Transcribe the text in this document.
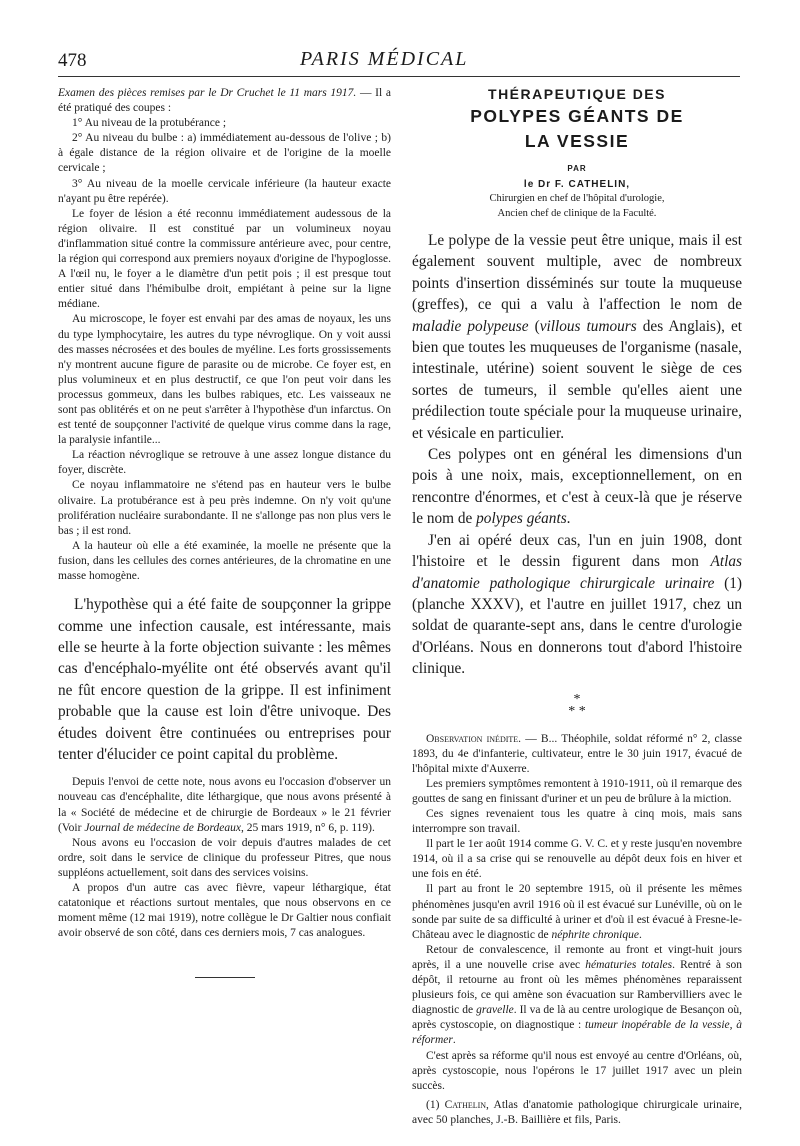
478	PARIS MÉDICAL

Examen des pièces remises par le Dr Cruchet le 11 mars 1917. — Il a été pratiqué des coupes :

1° Au niveau de la protubérance ;

2° Au niveau du bulbe : a) immédiatement au-dessous de l'olive ; b) à égale distance de la région olivaire et de l'origine de la moelle cervicale ;

3° Au niveau de la moelle cervicale inférieure (la hauteur exacte n'ayant pu être repérée).

Le foyer de lésion a été reconnu immédiatement audessous de la région olivaire. Il est constitué par un volumineux noyau d'inflammation situé contre la commissure antérieure avec, pour centre, la région qui correspond aux premiers noyaux d'origine de l'hypoglosse. A l'œil nu, le foyer a le diamètre d'un petit pois ; il est presque tout entier situé dans l'hémibulbe droit, empiétant à peine sur la ligne médiane.

Au microscope, le foyer est envahi par des amas de noyaux, les uns du type lymphocytaire, les autres du type névroglique. On y voit aussi des masses nécrosées et des boules de myéline. Les forts grossissements n'y montrent aucune figure de parasite ou de microbe. Ce foyer est, en plus volumineux et en plus destructif, ce que l'on peut voir dans les processus gommeux, dans les bulbes rabiques, etc. Les vaisseaux ne sont pas oblitérés et on ne peut s'arrêter à l'hypothèse d'un infarctus. On est tenté de soupçonner l'activité de quelque virus comme dans la rage, la paralysie infantile...

La réaction névroglique se retrouve à une assez longue distance du foyer, discrète.

Ce noyau inflammatoire ne s'étend pas en hauteur vers le bulbe olivaire. La protubérance est à peu près indemne. On n'y voit qu'une prolifération nucléaire surabondante. Il ne s'allonge pas non plus vers le bas ; il est rond.

A la hauteur où elle a été examinée, la moelle ne présente que la fusion, dans les cellules des cornes antérieures, de la chromatine en une masse homogène.

L'hypothèse qui a été faite de soupçonner la grippe comme une infection causale, est intéressante, mais elle se heurte à la forte objection suivante : les mêmes cas d'encéphalo-myélite ont été observés avant qu'il ne fût encore question de la grippe. Il est infiniment probable que la cause est loin d'être univoque. Des études doivent être continuées ou entreprises pour tenter d'élucider ce point capital du problème.

Depuis l'envoi de cette note, nous avons eu l'occasion d'observer un nouveau cas d'encéphalite, dite léthargique, que nous avons présenté à la « Société de médecine et de chirurgie de Bordeaux » le 21 février (Voir Journal de médecine de Bordeaux, 25 mars 1919, n° 6, p. 119).

Nous avons eu l'occasion de voir depuis d'autres malades de cet ordre, soit dans le service de clinique du professeur Pitres, que nous suppléons actuellement, soit dans des services voisins.

A propos d'un autre cas avec fièvre, vapeur léthargique, état catatonique et réactions surtout mentales, que nous observons en ce moment même (12 mai 1919), notre collègue le Dr Galtier nous confiait avoir observé de son côté, dans ces derniers mois, 7 cas analogues.

THÉRAPEUTIQUE DES

POLYPES GÉANTS DE

LA VESSIE

PAR

le Dr F. CATHELIN,

Chirurgien en chef de l'hôpital d'urologie,

Ancien chef de clinique de la Faculté.

Le polype de la vessie peut être unique, mais il est également souvent multiple, avec de nombreux points d'insertion disséminés sur toute la muqueuse (greffes), ce qui a valu à l'affection le nom de maladie polypeuse (villous tumours des Anglais), et bien que toutes les muqueuses de l'organisme (nasale, intestinale, utérine) soient souvent le siège de ces sortes de tumeurs, il semble qu'elles aient une prédilection toute spéciale pour la muqueuse urinaire, et vésicale en particulier.

Ces polypes ont en général les dimensions d'un pois à une noix, mais, exceptionnellement, on en rencontre d'énormes, et c'est à ceux-là que je réserve le nom de polypes géants.

J'en ai opéré deux cas, l'un en juin 1908, dont l'histoire et le dessin figurent dans mon Atlas d'anatomie pathologique chirurgicale urinaire (1) (planche XXXV), et l'autre en juillet 1917, chez un soldat de quarante-sept ans, dans le centre d'urologie d'Orléans. Nous en donnerons tout d'abord l'histoire clinique.

*
* *

Observation inédite. — B... Théophile, soldat réformé n° 2, classe 1893, du 4e d'infanterie, cultivateur, entre le 30 juin 1917, évacué de l'hôpital mixte d'Auxerre.

Les premiers symptômes remontent à 1910-1911, où il remarque des gouttes de sang en finissant d'uriner et un peu de brûlure à la miction.

Ces signes revenaient tous les quatre à cinq mois, mais sans interrompre son travail.

Il part le 1er août 1914 comme G. V. C. et y reste jusqu'en novembre 1914, où il a sa crise qui se renouvelle au dépôt deux fois en hiver et une fois en été.

Il part au front le 20 septembre 1915, où il présente les mêmes phénomènes jusqu'en avril 1916 où il est évacué sur Lunéville, où on le sonde par suite de sa difficulté à uriner et d'où il est évacué à Fresne-le-Château avec le diagnostic de néphrite chronique.

Retour de convalescence, il remonte au front et vingt-huit jours après, il a une nouvelle crise avec hématuries totales. Rentré à son dépôt, il retourne au front où les mêmes phénomènes reparaissent plusieurs fois, ce qui amène son évacuation sur Rambervilliers avec le diagnostic de gravelle. Il va de là au centre urologique de Besançon où, après cystoscopie, on diagnostique : tumeur inopérable de la vessie, à réformer.

C'est après sa réforme qu'il nous est envoyé au centre d'Orléans, où, après cystoscopie, nous l'opérons le 17 juillet 1917 avec un plein succès.

(1) Cathelin, Atlas d'anatomie pathologique chirurgicale urinaire, avec 50 planches, J.-B. Baillière et fils, Paris.
